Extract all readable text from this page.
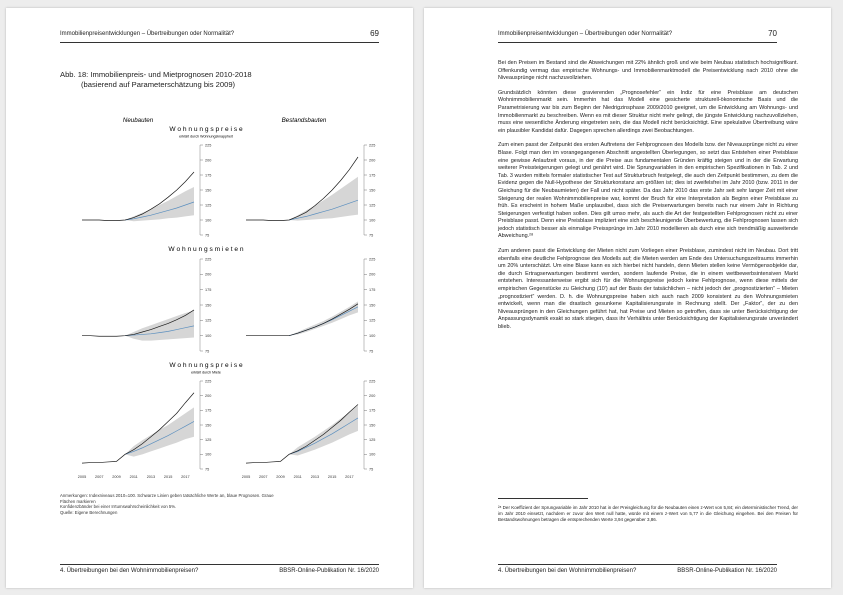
Immobilienpreisentwicklungen – Übertreibungen oder Normalität?	69
Abb. 18: Immobilienpreis- und Mietprognosen 2010-2018
(basierend auf Parameterschätzung bis 2009)
Neubauten	Bestandsbauten
W o h n u n g s p r e i s e
erklärt durch Wohnungsknappheit
W o h n u n g s m i e t e n
W o h n u n g s p r e i s e
erklärt durch Miete
75
100
125
150
175
200
225
75
100
125
150
175
200
225
75
100
125
150
175
200
225
75
100
125
150
175
200
225
75
100
125
150
175
200
225
75
100
125
150
175
200
225
2005 2007 2009 2011 2013 2015 2017	2005 2007 2009 2011 2013 2015 2017
Anmerkungen: Indexniveaus 2010=100. Schwarze Linien geben tatsächliche Werte an, blaue Prognosen. Graue Flächen markieren
Konfidenzbänder bei einer Irrtumswahrscheinlichkeit von 5%.
Quelle: Eigene Berechnungen
4. Übertreibungen bei den Wohnimmobilienpreisen?	BBSR-Online-Publikation Nr. 16/2020
Immobilienpreisentwicklungen – Übertreibungen oder Normalität?	70

Bei den Preisen im Bestand sind die Abweichungen mit 22% ähnlich groß und wie beim Neubau statistisch hochsignifikant. Offenkundig vermag das empirische Wohnungs- und Immobilienmarktmodell die Preisentwicklung nach 2010 ohne die Niveausprünge nicht nachzuvollziehen.

Grundsätzlich könnten diese gravierenden „Prognosefehler“ ein Indiz für eine Preisblase am deutschen Wohnimmobilienmarkt sein. Immerhin hat das Modell eine gesicherte strukturell-ökonomische Basis und die Parametrisierung war bis zum Beginn der Niedrigzinsphase 2009/2010 geeignet, um die Entwicklung am Wohnungs- und Immobilienmarkt zu beschreiben. Wenn es mit dieser Struktur nicht mehr gelingt, die jüngste Entwicklung nachzuvollziehen, muss eine wesentliche Änderung eingetreten sein, die das Modell nicht berücksichtigt. Eine spekulative Übertreibung wäre ein plausibler Kandidat dafür. Dagegen sprechen allerdings zwei Beobachtungen.

Zum einen passt der Zeitpunkt des ersten Auftretens der Fehlprognosen des Modells bzw. der Niveausprünge nicht zu einer Blase. Folgt man den im vorangegangenen Abschnitt angestellten Überlegungen, so setzt das Entstehen einer Preisblase eine gewisse Anlaufzeit voraus, in der die Preise aus fundamentalen Gründen kräftig steigen und in der die Erwartung weiterer Preissteigerungen gelegt und genährt wird. Die Sprungvariablen in den empirischen Spezifikationen in Tab. 2 und Tab. 3 wurden mittels formaler statistischer Test auf Strukturbruch festgelegt, die auch den Zeitpunkt bestimmen, zu dem die Evidenz gegen die Null-Hypothese der Strukturkonstanz am größten ist; dies ist zweifelsfrei im Jahr 2010 (bzw. 2011 in der Gleichung für die Neubaumieten) der Fall und nicht später. Da das Jahr 2010 das erste Jahr seit sehr langer Zeit mit einer Steigerung der realen Wohnimmobilienpreise war, kommt der Bruch für eine Interpretation als Beginn einer Preisblase zu früh. Es erscheint in hohem Maße unplausibel, dass sich die Preiserwartungen bereits nach nur einem Jahr in Richtung Steigerungen verfestigt haben sollen. Dies gilt umso mehr, als auch die Art der festgestellten Fehlprognosen nicht zu einer Preisblase passt. Denn eine Preisblase impliziert eine sich beschleunigende Überbewertung, die Fehlprognosen lassen sich jedoch statistisch besser als einmalige Preissprünge im Jahr 2010 modellieren als durch eine sich trendmäßig ausweitende Abweichung.²⁸

Zum anderen passt die Entwicklung der Mieten nicht zum Vorliegen einer Preisblase, zumindest nicht im Neubau. Dort tritt ebenfalls eine deutliche Fehlprognose des Modells auf; die Mieten werden am Ende des Untersuchungszeitraums immerhin um 20% unterschätzt. Um eine Blase kann es sich hierbei nicht handeln, denn Mieten stellen keine Vermögensobjekte dar, die durch Ertragserwartungen bestimmt werden, sondern laufende Preise, die in einem wettbewerbsintensiven Markt entstehen. Interessanterweise ergibt sich für die Wohnungspreise jedoch keine Fehlprognose, wenn diese mittels der empirischen Gegenstücke zu Gleichung (10') auf der Basis der tatsächlichen – nicht jedoch der „prognostizierten“ – Mieten „prognostiziert“ werden. D. h. die Wohnungspreise haben sich auch nach 2009 konsistent zu den Wohnungsmieten entwickelt, wenn man die drastisch gesunkene Kapitalisierungsrate in Rechnung stellt. Der „Faktor“, der zu den Niveausprüngen in den Gleichungen geführt hat, hat Preise und Mieten so getroffen, dass sie unter Berücksichtigung der Anpassungsdynamik exakt so stark stiegen, dass ihr Verhältnis unter Berücksichtigung der Kapitalisierungsrate unverändert blieb.

²⁸ Der Koeffizient der Sprungvariable im Jahr 2010 hat in der Preisgleichung für die Neubauten einen z-Wert von 5,84; ein deterministischer Trend, der im Jahr 2010 einsetzt, nachdem er zuvor den Wert null hatte, würde mit einem z-Wert von 5,77 in die Gleichung eingehen. Bei den Preisen für Bestandswohnungen betragen die entsprechenden Werte 3,94 gegenüber 3,86.
4. Übertreibungen bei den Wohnimmobilienpreisen?	BBSR-Online-Publikation Nr. 16/2020
